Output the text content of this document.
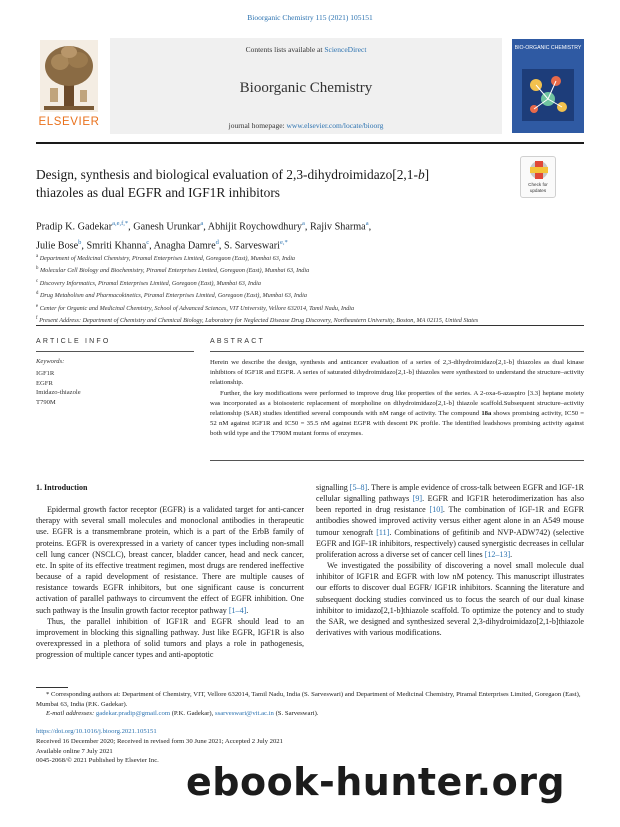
Bioorganic Chemistry 115 (2021) 105151
ELSEVIER
Contents lists available at ScienceDirect
Bioorganic Chemistry
journal homepage: www.elsevier.com/locate/bioorg
BIO-ORGANIC CHEMISTRY
Design, synthesis and biological evaluation of 2,3-dihydroimidazo[2,1-b]
thiazoles as dual EGFR and IGF1R inhibitors
Check for
updates
Pradip K. Gadekar$^{a,e,f,*}$, Ganesh Urunkar$^a$, Abhijit Roychowdhury$^a$, Rajiv Sharma$^a$,
Julie Bose$^b$, Smriti Khanna$^c$, Anagha Damre$^d$, S. Sarveswari$^{e,*}$
$^a$ Department of Medicinal Chemistry, Piramal Enterprises Limited, Goregaon (East), Mumbai 63, India
$^b$ Molecular Cell Biology and Biochemistry, Piramal Enterprises Limited, Goregaon (East), Mumbai 63, India
$^c$ Discovery Informatics, Piramal Enterprises Limited, Goregaon (East), Mumbai 63, India
$^d$ Drug Metabolism and Pharmacokinetics, Piramal Enterprises Limited, Goregaon (East), Mumbai 63, India
$^e$ Center for Organic and Medicinal Chemistry, School of Advanced Sciences, VIT University, Vellore 632014, Tamil Nadu, India
$^f$ Present Address: Department of Chemistry and Chemical Biology, Laboratory for Neglected Disease Drug Discovery, Northeastern University, Boston, MA 02115, United States
ARTICLE INFO	ABSTRACT
Keywords:
IGF1R
EGFR
Imidazo-thiazole
T790M

Herein we describe the design, synthesis and anticancer evaluation of a series of 2,3-dihydroimidazo[2,1-b] thiazoles as dual kinase inhibitors of IGF1R and EGFR. A series of saturated dihydroimidazo[2,1-b] thiazoles were synthesized to understand the structure–activity relationship.

Further, the key modifications were performed to improve drug like properties of the series. A 2-oxa-6-azaspiro [3.3] heptane moiety was incorporated as a bioisosteric replacement of morpholine on dihydroimidazo[2,1-b] thiazole scaffold.Subsequent structure–activity relationship (SAR) studies identified several compounds with nM range of activity. The compound 18a shows promising activity, IC50 = 52 nM against IGF1R and IC50 = 35.5 nM against EGFR with descent PK profile. The identified leadshows promising activity against both wild type and the T790M mutant forms of enzymes.

1. Introduction

Epidermal growth factor receptor (EGFR) is a validated target for anti-cancer therapy with several small molecules and monoclonal antibodies in therapeutic use. EGFR is a transmembrane protein, which is a part of the ErbB family of proteins. EGFR is overexpressed in a variety of cancer types including non-small cell lung cancer (NSCLC), breast cancer, bladder cancer, head and neck cancer, etc. In spite of its effective treatment regimen, most drugs are rendered ineffective because of a rapid development of resistance. There are multiple causes of resistance towards EGFR inhibitors, but one significant cause is concurrent activation of parallel pathways to circumvent the effect of EGFR inhibition. One such pathway is the Insulin growth factor receptor pathway [1–4].

Thus, the parallel inhibition of IGF1R and EGFR should lead to an improvement in blocking this signalling pathway. Just like EGFR, IGF1R is also overexpressed in a plethora of solid tumors and plays a role in pathogenesis, progression of multiple cancer types and anti-apoptotic

signalling [5–8]. There is ample evidence of cross-talk between EGFR and IGF-1R cellular signalling pathways [9]. EGFR and IGF1R heterodimerization has also been reported in drug resistance [10]. The combination of IGF-1R and EGFR antibodies showed improved activity versus either agent alone in an A549 mouse tumour xenograft [11]. Combinations of gefitinib and NVP-ADW742) (selective EGFR and IGF-1R inhibitors, respectively) caused synergistic decreases in cellular proliferation across a diverse set of cancer cell lines [12–13].

We investigated the possibility of discovering a novel small molecule dual inhibitor of IGF1R and EGFR with low nM potency. This manuscript illustrates our efforts to discover dual EGFR/ IGF1R inhibitors. Scanning the literature and subsequent docking studies convinced us to focus the search of our dual kinase inhibitor to imidazo[2,1-b]thiazole scaffold. To optimize the potency and to study the SAR, we designed and synthesized several 2,3-dihydroimidazo[2,1-b]thiazole derivatives with various modifications.

* Corresponding authors at: Department of Chemistry, VIT, Vellore 632014, Tamil Nadu, India (S. Sarveswari) and Department of Medicinal Chemistry, Piramal Enterprises Limited, Goregaon (East), Mumbai 63, India (P.K. Gadekar).
E-mail addresses: gadekar.pradip@gmail.com (P.K. Gadekar), ssarveswari@vit.ac.in (S. Sarveswari).
https://doi.org/10.1016/j.bioorg.2021.105151
Received 16 December 2020; Received in revised form 30 June 2021; Accepted 2 July 2021
Available online 7 July 2021
0045-2068/© 2021 Published by Elsevier Inc. ebook-hunter.org
